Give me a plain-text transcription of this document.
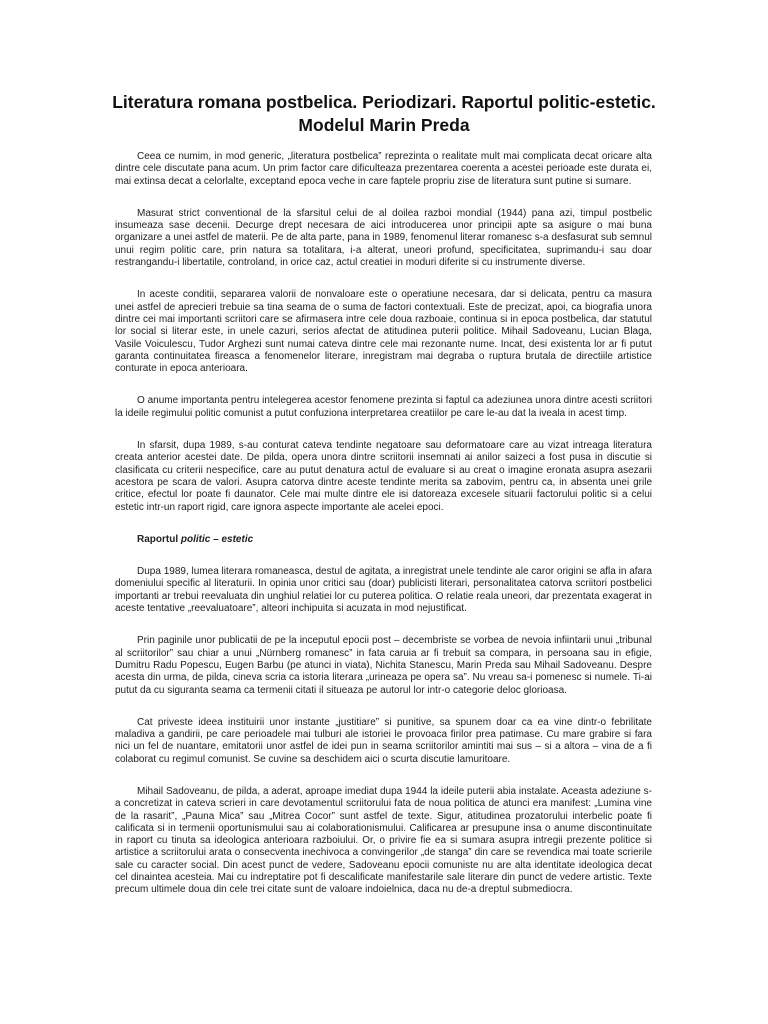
Literatura romana postbelica. Periodizari. Raportul politic-estetic. Modelul Marin Preda

Ceea ce numim, in mod generic, „literatura postbelica” reprezinta o realitate mult mai complicata decat oricare alta dintre cele discutate pana acum. Un prim factor care dificulteaza prezentarea coerenta a acestei perioade este durata ei, mai extinsa decat a celorlalte, exceptand epoca veche in care faptele propriu zise de literatura sunt putine si sumare.

Masurat strict conventional de la sfarsitul celui de al doilea razboi mondial (1944) pana azi, timpul postbelic insumeaza sase decenii. Decurge drept necesara de aici introducerea unor principii apte sa asigure o mai buna organizare a unei astfel de materii. Pe de alta parte, pana in 1989, fenomenul literar romanesc s-a desfasurat sub semnul unui regim politic care, prin natura sa totalitara, i-a alterat, uneori profund, specificitatea, suprimandu-i sau doar restrangandu-i libertatile, controland, in orice caz, actul creatiei in moduri diferite si cu instrumente diverse.

In aceste conditii, separarea valorii de nonvaloare este o operatiune necesara, dar si delicata, pentru ca masura unei astfel de aprecieri trebuie sa tina seama de o suma de factori contextuali. Este de precizat, apoi, ca biografia unora dintre cei mai importanti scriitori care se afirmasera intre cele doua razboaie, continua si in epoca postbelica, dar statutul lor social si literar este, in unele cazuri, serios afectat de atitudinea puterii politice. Mihail Sadoveanu, Lucian Blaga, Vasile Voiculescu, Tudor Arghezi sunt numai cateva dintre cele mai rezonante nume. Incat, desi existenta lor ar fi putut garanta continuitatea fireasca a fenomenelor literare, inregistram mai degraba o ruptura brutala de directiile artistice conturate in epoca anterioara.

O anume importanta pentru intelegerea acestor fenomene prezinta si faptul ca adeziunea unora dintre acesti scriitori la ideile regimului politic comunist a putut confuziona interpretarea creatiilor pe care le-au dat la iveala in acest timp.

In sfarsit, dupa 1989, s-au conturat cateva tendinte negatoare sau deformatoare care au vizat intreaga literatura creata anterior acestei date. De pilda, opera unora dintre scriitorii insemnati ai anilor saizeci a fost pusa in discutie si clasificata cu criterii nespecifice, care au putut denatura actul de evaluare si au creat o imagine eronata asupra asezarii acestora pe scara de valori. Asupra catorva dintre aceste tendinte merita sa zabovim, pentru ca, in absenta unei grile critice, efectul lor poate fi daunator. Cele mai multe dintre ele isi datoreaza excesele situarii factorului politic si a celui estetic intr-un raport rigid, care ignora aspecte importante ale acelei epoci.

Raportul politic – estetic

Dupa 1989, lumea literara romaneasca, destul de agitata, a inregistrat unele tendinte ale caror origini se afla in afara domeniului specific al literaturii. In opinia unor critici sau (doar) publicisti literari, personalitatea catorva scriitori postbelici importanti ar trebui reevaluata din unghiul relatiei lor cu puterea politica. O relatie reala uneori, dar prezentata exagerat in aceste tentative „reevaluatoare”, alteori inchipuita si acuzata in mod nejustificat.

Prin paginile unor publicatii de pe la inceputul epocii post – decembriste se vorbea de nevoia infiintarii unui „tribunal al scriitorilor” sau chiar a unui „Nürnberg romanesc” in fata caruia ar fi trebuit sa compara, in persoana sau in efigie, Dumitru Radu Popescu, Eugen Barbu (pe atunci in viata), Nichita Stanescu, Marin Preda sau Mihail Sadoveanu. Despre acesta din urma, de pilda, cineva scria ca istoria literara „urineaza pe opera sa”. Nu vreau sa-i pomenesc si numele. Ti-ai putut da cu siguranta seama ca termenii citati il situeaza pe autorul lor intr-o categorie deloc glorioasa.

Cat priveste ideea instituirii unor instante „justitiare” si punitive, sa spunem doar ca ea vine dintr-o febrilitate maladiva a gandirii, pe care perioadele mai tulburi ale istoriei le provoaca firilor prea patimase. Cu mare grabire si fara nici un fel de nuantare, emitatorii unor astfel de idei pun in seama scriitorilor amintiti mai sus – si a altora – vina de a fi colaborat cu regimul comunist. Se cuvine sa deschidem aici o scurta discutie lamuritoare.

Mihail Sadoveanu, de pilda, a aderat, aproape imediat dupa 1944 la ideile puterii abia instalate. Aceasta adeziune s-a concretizat in cateva scrieri in care devotamentul scriitorului fata de noua politica de atunci era manifest: „Lumina vine de la rasarit”, „Pauna Mica” sau „Mitrea Cocor” sunt astfel de texte. Sigur, atitudinea prozatorului interbelic poate fi calificata si in termenii oportunismului sau ai colaborationismului. Calificarea ar presupune insa o anume discontinuitate in raport cu tinuta sa ideologica anterioara razboiului. Or, o privire fie ea si sumara asupra intregii prezente politice si artistice a scriitorului arata o consecventa inechivoca a convingerilor „de stanga” din care se revendica mai toate scrierile sale cu caracter social. Din acest punct de vedere, Sadoveanu epocii comuniste nu are alta identitate ideologica decat cel dinaintea acesteia. Mai cu indreptatire pot fi descalificate manifestarile sale literare din punct de vedere artistic. Texte precum ultimele doua din cele trei citate sunt de valoare indoielnica, daca nu de-a dreptul submediocra.
